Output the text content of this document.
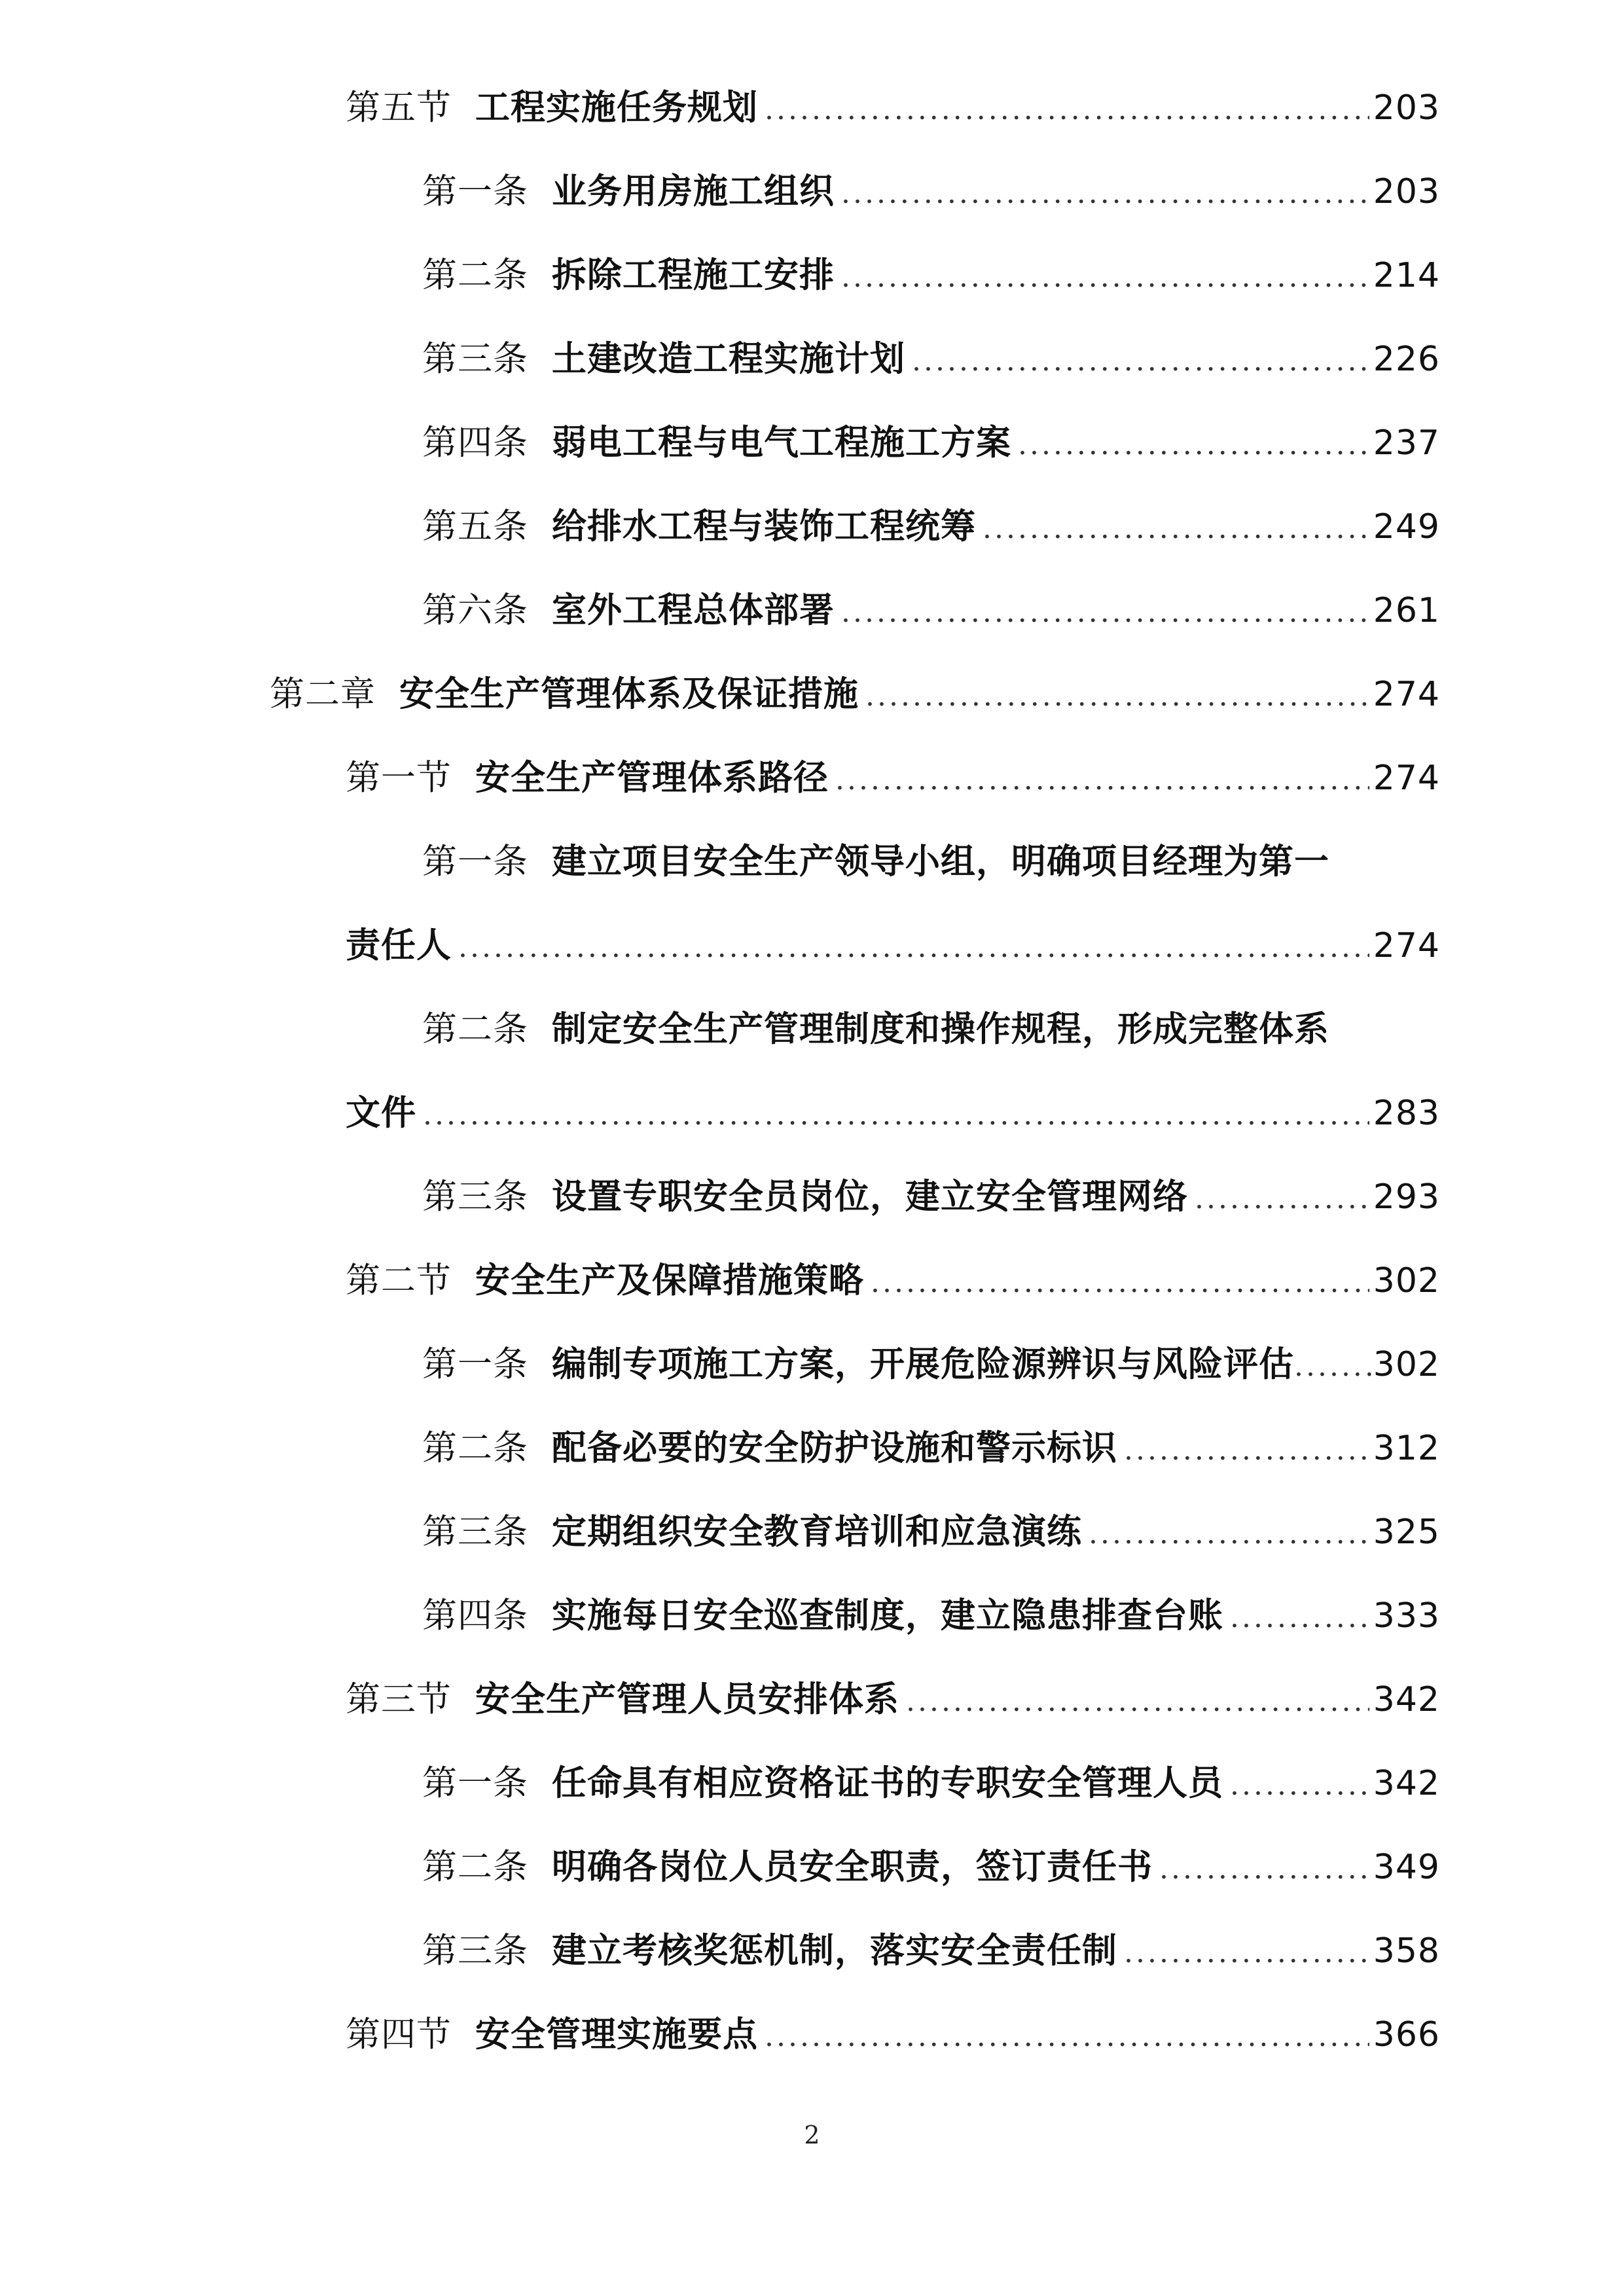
第五节 工程实施任务规划 .....	203
第一条 业务用房施工组织 .....	203
第二条 拆除工程施工安排 .....	214
第三条 土建改造工程实施计划 .....	226
第四条 弱电工程与电气工程施工方案 .....	237
第五条 给排水工程与装饰工程统筹 .....	249
第六条 室外工程总体部署 .....	261
第二章 安全生产管理体系及保证措施 .....	274
第一节 安全生产管理体系路径 .....	274
第一条 建立项目安全生产领导小组，明确项目经理为第一
责任人 .....	274
第二条 制定安全生产管理制度和操作规程，形成完整体系
文件 .....	283
第三条 设置专职安全员岗位，建立安全管理网络 .....	293
第二节 安全生产及保障措施策略 .....	302
第一条 编制专项施工方案，开展危险源辨识与风险评估 ..... 302
第二条 配备必要的安全防护设施和警示标识 .....	312
第三条 定期组织安全教育培训和应急演练 .....	325
第四条 实施每日安全巡查制度，建立隐患排查台账 .....	333
第三节 安全生产管理人员安排体系 .....	342
第一条 任命具有相应资格证书的专职安全管理人员 .....	342
第二条 明确各岗位人员安全职责，签订责任书 .....	349
第三条 建立考核奖惩机制，落实安全责任制 .....	358
第四节 安全管理实施要点 .....	366
2
